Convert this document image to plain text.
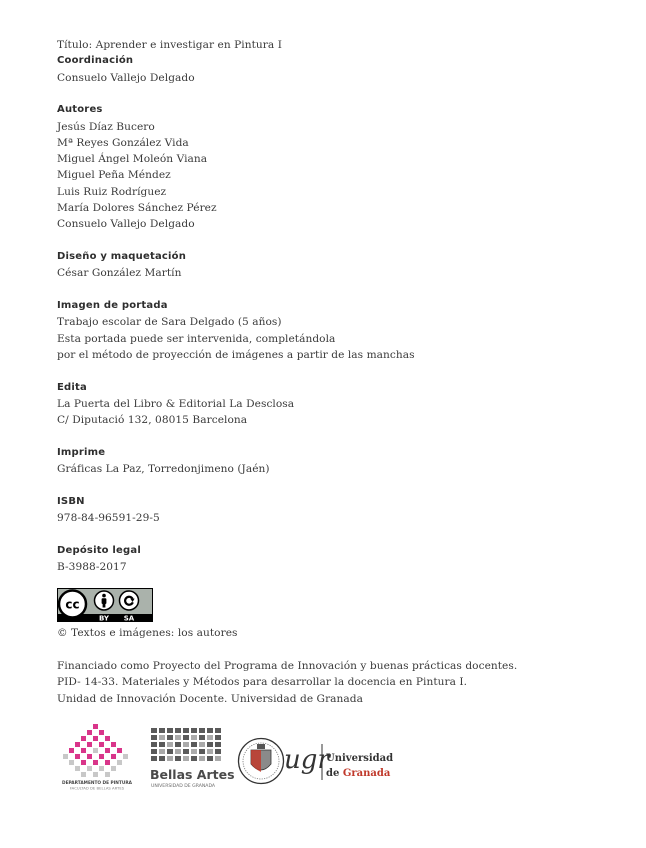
Título: Aprender e investigar en Pintura I
Coordinación
Consuelo Vallejo Delgado
Autores
Jesús Díaz Bucero
Mª Reyes González Vida
Miguel Ángel Moleón Viana
Miguel Peña Méndez
Luis Ruiz Rodríguez
María Dolores Sánchez Pérez
Consuelo Vallejo Delgado
Diseño y maquetación
César González Martín
Imagen de portada
Trabajo escolar de Sara Delgado (5 años)
Esta portada puede ser intervenida, completándola
por el método de proyección de imágenes a partir de las manchas
Edita
La Puerta del Libro & Editorial La Desclosa
C/ Diputació 132, 08015 Barcelona
Imprime
Gráficas La Paz, Torredonjimeno (Jaén)
ISBN
978-84-96591-29-5
Depósito legal
B-3988-2017
cc
BY SA
© Textos e imágenes: los autores
Financiado como Proyecto del Programa de Innovación y buenas prácticas docentes.
PID- 14-33. Materiales y Métodos para desarrollar la docencia en Pintura I.
Unidad de Innovación Docente. Universidad de Granada
DEPARTAMENTO DE PINTURA
FACULTAD DE BELLAS ARTES
Bellas Artes
UNIVERSIDAD DE GRANADA
ugr
Universidad
de Granada
